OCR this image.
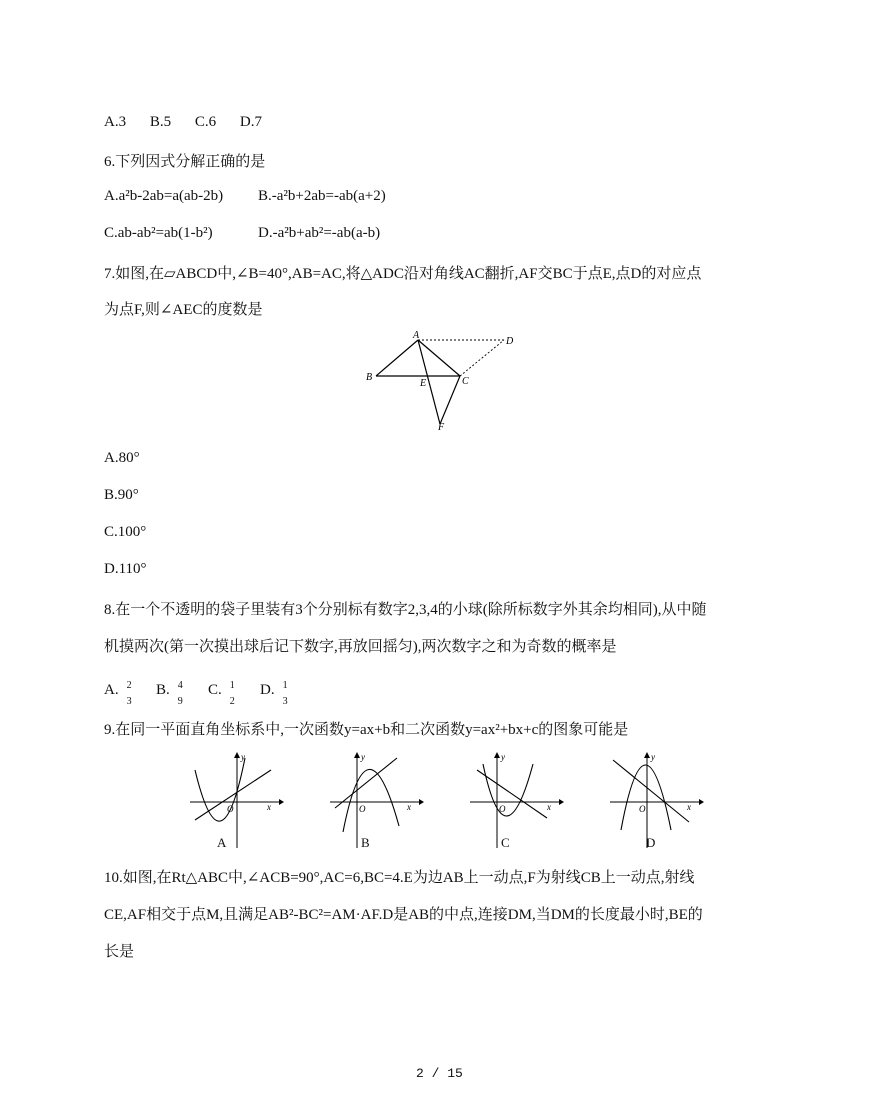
A.3 B.5 C.6 D.7
6.下列因式分解正确的是
A.a²b-2ab=a(ab-2b) B.-a²b+2ab=-ab(a+2)
C.ab-ab²=ab(1-b²)	D.-a²b+ab²=-ab(a-b)
7.如图,在▱ABCD中,∠B=40°,AB=AC,将△ADC沿对角线AC翻折,AF交BC于点E,点D的对应点
为点F,则∠AEC的度数是
A
B	C
D
E
F
A.80°
B.90°
C.100°
D.110°
8.在一个不透明的袋子里装有3个分别标有数字2,3,4的小球(除所标数字外其余均相同),从中随
机摸两次(第一次摸出球后记下数字,再放回摇匀),两次数字之和为奇数的概率是
A. 2
3
B. 4
9
C. 1
2
D. 1
3
9.在同一平面直角坐标系中,一次函数y=ax+b和二次函数y=ax²+bx+c的图象可能是
x
y
O
A
x
y
O
B
x
y
O
C
x
y
O
D
10.如图,在Rt△ABC中,∠ACB=90°,AC=6,BC=4.E为边AB上一动点,F为射线CB上一动点,射线
CE,AF相交于点M,且满足AB²-BC²=AM·AF.D是AB的中点,连接DM,当DM的长度最小时,BE的
长是
2 / 15
